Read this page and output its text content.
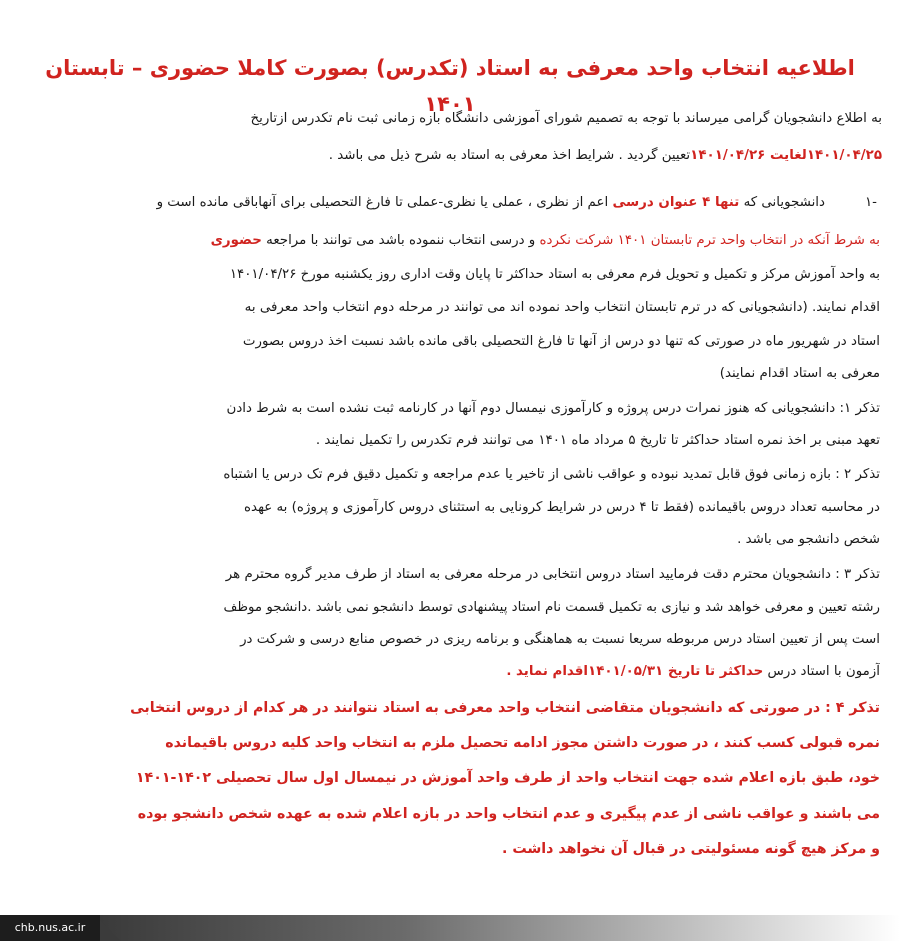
اطلاعیه انتخاب واحد معرفی به استاد (تکدرس) بصورت کاملا حضوری – تابستان ۱۴۰۱
به اطلاع دانشجویان گرامی میرساند با توجه به تصمیم شورای آموزشی دانشگاه بازه زمانی ثبت نام تکدرس ازتاریخ
۱۴۰۱/۰۴/۲۵لغایت ۱۴۰۱/۰۴/۲۶تعیین گردید . شرایط اخذ معرفی به استاد به شرح ذیل می باشد .
-۱
دانشجویانی که تنها ۴ عنوان درسی اعم از نظری ، عملی یا نظری-عملی تا فارغ التحصیلی برای آنهاباقی مانده است و
به شرط آنکه در انتخاب واحد ترم تابستان ۱۴۰۱ شرکت نکرده و درسی انتخاب ننموده باشد می توانند با مراجعه حضوری
به واحد آموزش مرکز و تکمیل و تحویل فرم معرفی به استاد حداکثر تا پایان وقت اداری روز یکشنبه مورخ ۱۴۰۱/۰۴/۲۶
اقدام نمایند. (دانشجویانی که در ترم تابستان انتخاب واحد نموده اند می توانند در مرحله دوم انتخاب واحد معرفی به
استاد در شهریور ماه در صورتی که تنها دو درس از آنها تا فارغ التحصیلی باقی مانده باشد نسبت اخذ دروس بصورت
معرفی به استاد اقدام نمایند)
تذکر ۱: دانشجویانی که هنوز نمرات درس پروژه و کارآموزی نیمسال دوم آنها در کارنامه ثبت نشده است به شرط دادن
تعهد مبنی بر اخذ نمره استاد حداکثر تا تاریخ ۵ مرداد ماه ۱۴۰۱ می توانند فرم تکدرس را تکمیل نمایند .
تذکر ۲ : بازه زمانی فوق قابل تمدید نبوده و عواقب ناشی از تاخیر یا عدم مراجعه و تکمیل دقیق فرم تک درس یا اشتباه
در محاسبه تعداد دروس باقیمانده (فقط تا ۴ درس در شرایط کرونایی به استثنای دروس کارآموزی و پروژه) به عهده
شخص دانشجو می باشد .
تذکر ۳ : دانشجویان محترم دقت فرمایید استاد دروس انتخابی در مرحله معرفی به استاد از طرف مدیر گروه محترم هر
رشته تعیین و معرفی خواهد شد و نیازی به تکمیل قسمت نام استاد پیشنهادی توسط دانشجو نمی باشد .دانشجو موظف
است پس از تعیین استاد درس مربوطه سریعا نسبت به هماهنگی و برنامه ریزی در خصوص منابع درسی و شرکت در
آزمون با استاد درس حداکثر تا تاریخ ۱۴۰۱/۰۵/۳۱اقدام نماید .
تذکر ۴ : در صورتی که دانشجویان متقاضی انتخاب واحد معرفی به استاد نتوانند در هر کدام از دروس انتخابی
نمره قبولی کسب کنند ، در صورت داشتن مجوز ادامه تحصیل ملزم به انتخاب واحد کلیه دروس باقیمانده
خود، طبق بازه اعلام شده جهت انتخاب واحد از طرف واحد آموزش در نیمسال اول سال تحصیلی ۱۴۰۲-۱۴۰۱
می باشند و عواقب ناشی از عدم پیگیری و عدم انتخاب واحد در بازه اعلام شده به عهده شخص دانشجو بوده
و مرکز هیچ گونه مسئولیتی در قبال آن نخواهد داشت .
chb.nus.ac.ir
